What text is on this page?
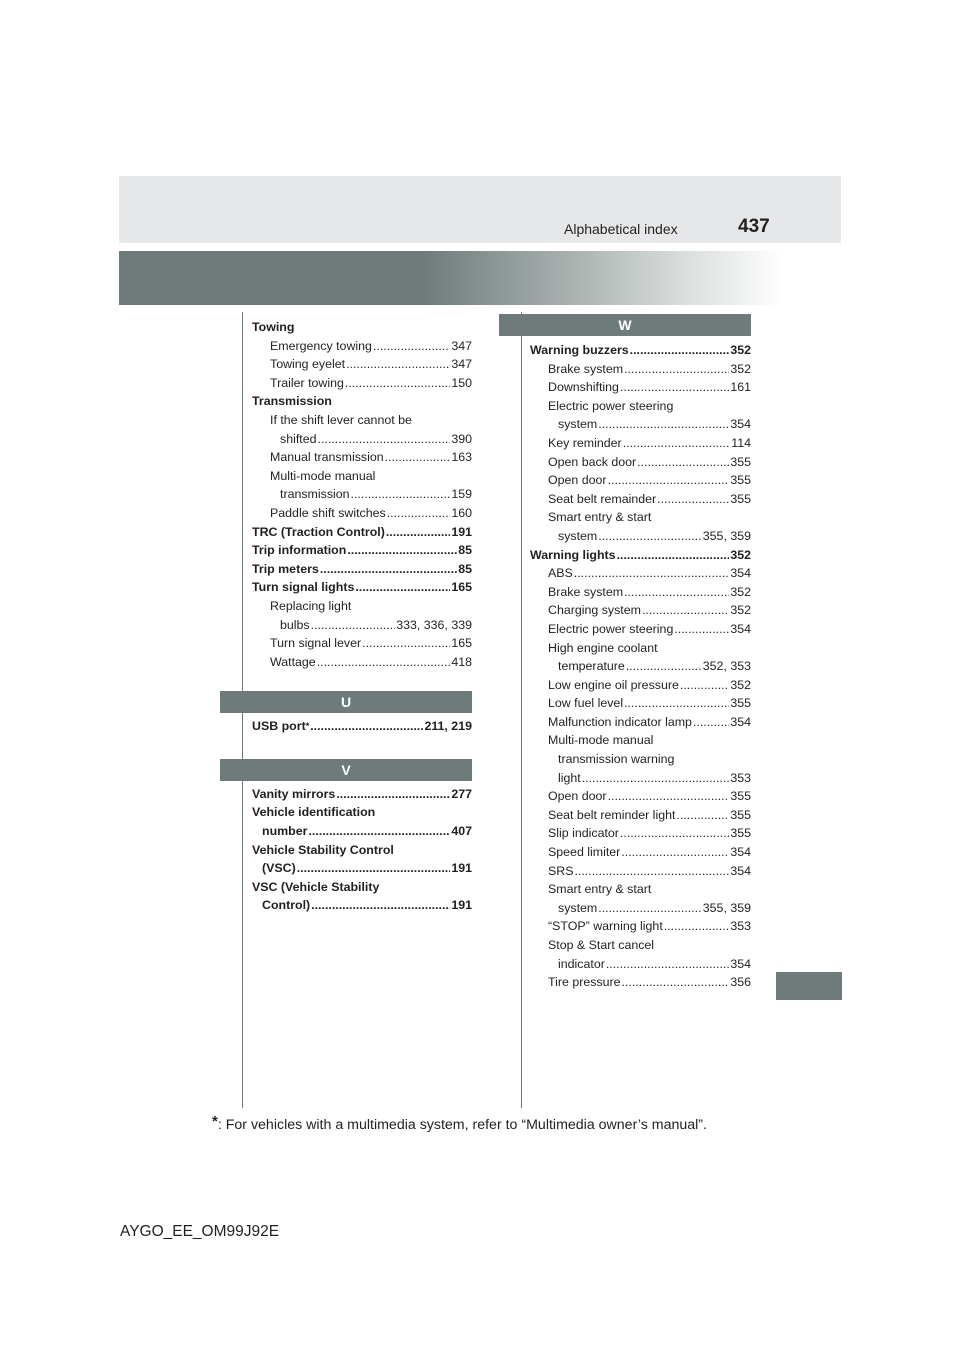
Alphabetical index	437
Towing
Emergency towing .....	347
Towing eyelet .....	347
Trailer towing .....	150
Transmission
If the shift lever cannot be
shifted .....	390
Manual transmission .....	163
Multi-mode manual
transmission .....	159
Paddle shift switches .....	160
TRC (Traction Control) .....	191
Trip information .....	85
Trip meters .....	85
Turn signal lights .....	165
Replacing light
bulbs .....	333, 336, 339
Turn signal lever .....	165
Wattage .....	418
U
USB port* .....	211, 219
V
Vanity mirrors .....	277
Vehicle identification
number .....	407
Vehicle Stability Control
(VSC) .....	191
VSC (Vehicle Stability
Control) .....	191
W
Warning buzzers .....	352
Brake system .....	352
Downshifting .....	161
Electric power steering
system .....	354
Key reminder .....	114
Open back door .....	355
Open door .....	355
Seat belt remainder .....	355
Smart entry & start
system .....	355, 359
Warning lights .....	352
ABS .....	354
Brake system .....	352
Charging system .....	352
Electric power steering .....	354
High engine coolant
temperature .....	352, 353
Low engine oil pressure .....	352
Low fuel level .....	355
Malfunction indicator lamp .....	354
Multi-mode manual
transmission warning
light .....	353
Open door .....	355
Seat belt reminder light .....	355
Slip indicator .....	355
Speed limiter .....	354
SRS .....	354
Smart entry & start
system .....	355, 359
“STOP” warning light .....	353
Stop & Start cancel
indicator .....	354
Tire pressure .....	356
*: For vehicles with a multimedia system, refer to “Multimedia owner’s manual”.
AYGO_EE_OM99J92E
